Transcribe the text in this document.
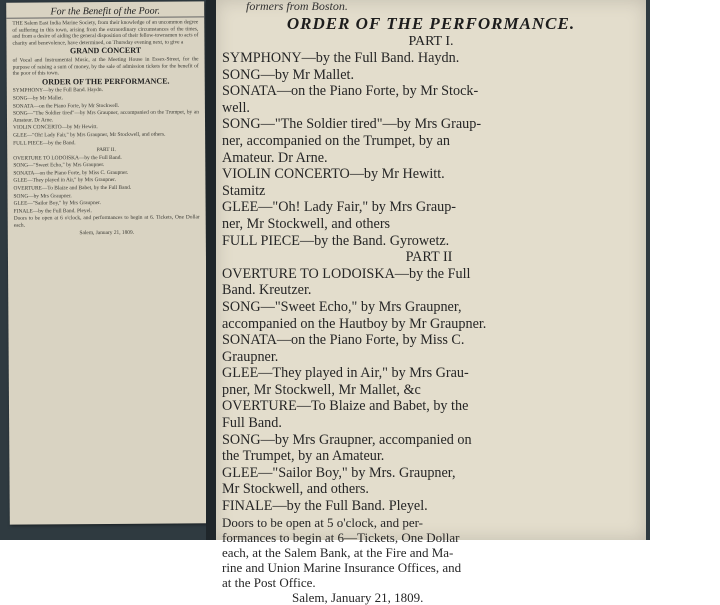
For the Benefit of the Poor.

THE Salem East India Marine Society, from their knowledge of an uncommon degree of suffering in this town, arising from the extraordinary circumstances of the times, and from a desire of aiding the general disposition of their fellow-townsmen to acts of charity and benevolence, have determined, on Thursday evening next, to give a

GRAND CONCERT

of Vocal and Instrumental Music, at the Meeting House in Essex-Street, for the purpose of raising a sum of money, by the sale of admission tickets for the benefit of the poor of this town.

ORDER OF THE PERFORMANCE.

SYMPHONY—by the Full Band. Haydn.

SONG—by Mr Mallet.

SONATA—on the Piano Forte, by Mr Stockwell.

SONG—"The Soldier tired"—by Mrs Graupner, accompanied on the Trumpet, by an Amateur. Dr Arne.

VIOLIN CONCERTO—by Mr Hewitt.

GLEE—"Oh! Lady Fair," by Mrs Graupner, Mr Stockwell, and others.

FULL PIECE—by the Band.

PART II.

OVERTURE TO LODOISKA—by the Full Band.

SONG—"Sweet Echo," by Mrs Graupner.

SONATA—on the Piano Forte, by Miss C. Graupner.

GLEE—They played in Air," by Mrs Graupner.

OVERTURE—To Blaize and Babet, by the Full Band.

SONG—by Mrs Graupner.

GLEE—"Sailor Boy," by Mrs Graupner.

FINALE—by the Full Band. Pleyel.

Doors to be open at 6 o'clock, and performances to begin at 6. Tickets, One Dollar each.

Salem, January 21, 1809.

formers from Boston.
ORDER OF THE PERFORMANCE.
PART I.
SYMPHONY—by the Full Band. Haydn.
SONG—by Mr Mallet.
SONATA—on the Piano Forte, by Mr Stock-
well.
SONG—"The Soldier tired"—by Mrs Graup-
ner, accompanied on the Trumpet, by an
Amateur. Dr Arne.
VIOLIN CONCERTO—by Mr Hewitt.
Stamitz
GLEE—"Oh! Lady Fair," by Mrs Graup-
ner, Mr Stockwell, and others
FULL PIECE—by the Band. Gyrowetz.
PART II
OVERTURE TO LODOISKA—by the Full
Band. Kreutzer.
SONG—"Sweet Echo," by Mrs Graupner,
accompanied on the Hautboy by Mr Graupner.
SONATA—on the Piano Forte, by Miss C.
Graupner.
GLEE—They played in Air," by Mrs Grau-
pner, Mr Stockwell, Mr Mallet, &c
OVERTURE—To Blaize and Babet, by the
Full Band.
SONG—by Mrs Graupner, accompanied on
the Trumpet, by an Amateur.
GLEE—"Sailor Boy," by Mrs. Graupner,
Mr Stockwell, and others.
FINALE—by the Full Band. Pleyel.
Doors to be open at 5 o'clock, and per-
formances to begin at 6—Tickets, One Dollar
each, at the Salem Bank, at the Fire and Ma-
rine and Union Marine Insurance Offices, and
at the Post Office.
Salem, January 21, 1809.
